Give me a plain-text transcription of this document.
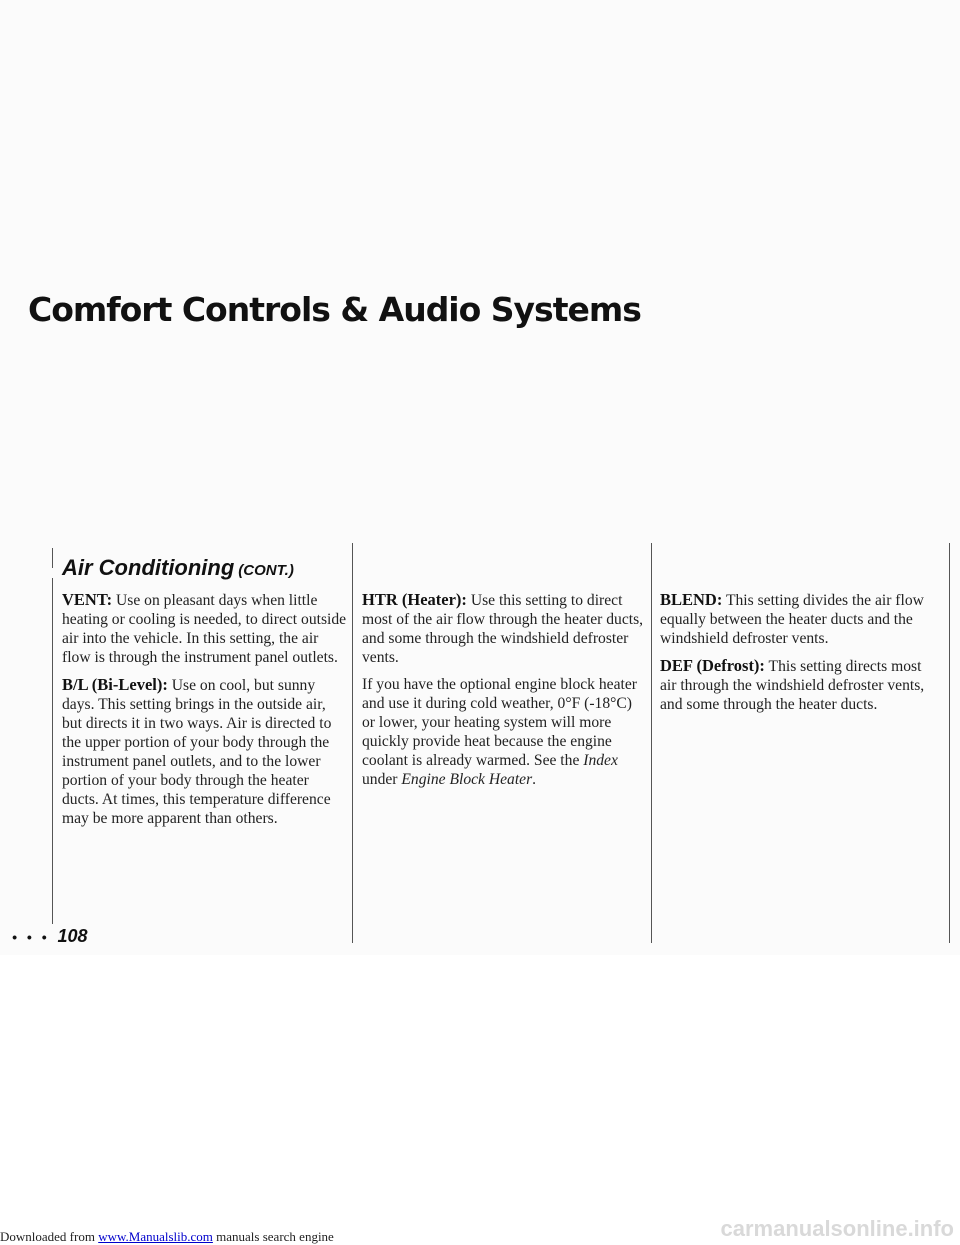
Comfort Controls & Audio Systems
Air Conditioning (CONT.)

VENT: Use on pleasant days when little heating or cooling is needed, to direct outside air into the vehicle. In this setting, the air flow is through the instrument panel outlets.

B/L (Bi-Level): Use on cool, but sunny days. This setting brings in the outside air, but directs it in two ways. Air is directed to the upper portion of your body through the instrument panel outlets, and to the lower portion of your body through the heater ducts. At times, this temperature difference may be more apparent than others.

HTR (Heater): Use this setting to direct most of the air flow through the heater ducts, and some through the windshield defroster vents.

If you have the optional engine block heater and use it during cold weather, 0°F (-18°C) or lower, your heating system will more quickly provide heat because the engine coolant is already warmed. See the Index under Engine Block Heater.

BLEND: This setting divides the air flow equally between the heater ducts and the windshield defroster vents.

DEF (Defrost): This setting directs most air through the windshield defroster vents, and some through the heater ducts.

• • • 108
Downloaded from www.Manualslib.com manuals search engine	carmanualsonline.info
